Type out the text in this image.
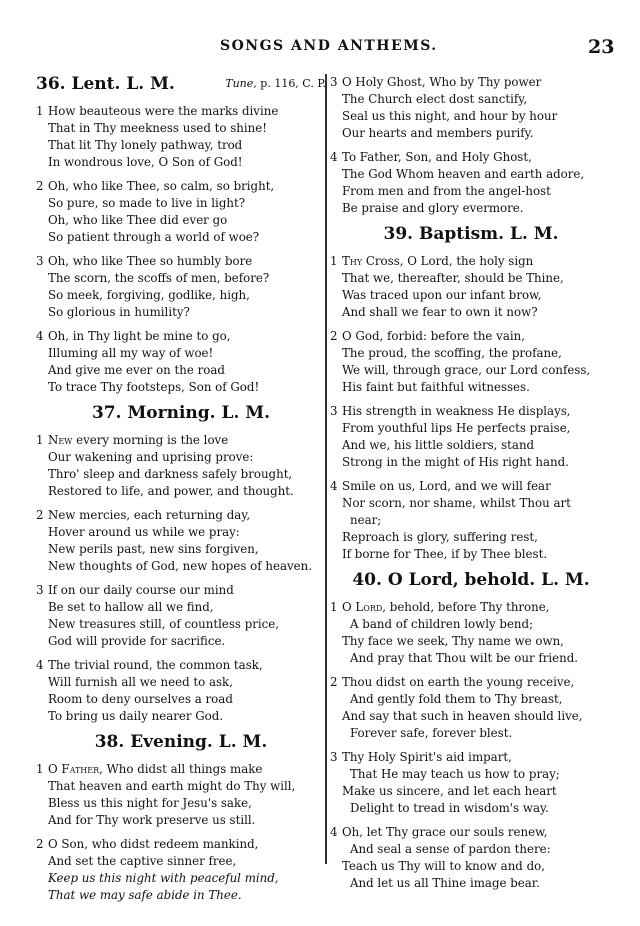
SONGS AND ANTHEMS.	23
36. Lent. L. M.	Tune, p. 116, C. P.
1 How beauteous were the marks divine
That in Thy meekness used to shine!
That lit Thy lonely pathway, trod
In wondrous love, O Son of God!
2 Oh, who like Thee, so calm, so bright,
So pure, so made to live in light?
Oh, who like Thee did ever go
So patient through a world of woe?
3 Oh, who like Thee so humbly bore
The scorn, the scoffs of men, before?
So meek, forgiving, godlike, high,
So glorious in humility?
4 Oh, in Thy light be mine to go,
Illuming all my way of woe!
And give me ever on the road
To trace Thy footsteps, Son of God!
37. Morning. L. M.
1 New every morning is the love
Our wakening and uprising prove:
Thro' sleep and darkness safely brought,
Restored to life, and power, and thought.
2 New mercies, each returning day,
Hover around us while we pray:
New perils past, new sins forgiven,
New thoughts of God, new hopes of heaven.
3 If on our daily course our mind
Be set to hallow all we find,
New treasures still, of countless price,
God will provide for sacrifice.
4 The trivial round, the common task,
Will furnish all we need to ask,
Room to deny ourselves a road
To bring us daily nearer God.
38. Evening. L. M.
1 O Father, Who didst all things make
That heaven and earth might do Thy will,
Bless us this night for Jesu's sake,
And for Thy work preserve us still.
2 O Son, who didst redeem mankind,
And set the captive sinner free,
Keep us this night with peaceful mind,
That we may safe abide in Thee.
3 O Holy Ghost, Who by Thy power
The Church elect dost sanctify,
Seal us this night, and hour by hour
Our hearts and members purify.
4 To Father, Son, and Holy Ghost,
The God Whom heaven and earth adore,
From men and from the angel-host
Be praise and glory evermore.
39. Baptism. L. M.
1 Thy Cross, O Lord, the holy sign
That we, thereafter, should be Thine,
Was traced upon our infant brow,
And shall we fear to own it now?
2 O God, forbid: before the vain,
The proud, the scoffing, the profane,
We will, through grace, our Lord confess,
His faint but faithful witnesses.
3 His strength in weakness He displays,
From youthful lips He perfects praise,
And we, his little soldiers, stand
Strong in the might of His right hand.
4 Smile on us, Lord, and we will fear
Nor scorn, nor shame, whilst Thou art
near;
Reproach is glory, suffering rest,
If borne for Thee, if by Thee blest.
40. O Lord, behold. L. M.
1 O Lord, behold, before Thy throne,
A band of children lowly bend;
Thy face we seek, Thy name we own,
And pray that Thou wilt be our friend.
2 Thou didst on earth the young receive,
And gently fold them to Thy breast,
And say that such in heaven should live,
Forever safe, forever blest.
3 Thy Holy Spirit's aid impart,
That He may teach us how to pray;
Make us sincere, and let each heart
Delight to tread in wisdom's way.
4 Oh, let Thy grace our souls renew,
And seal a sense of pardon there:
Teach us Thy will to know and do,
And let us all Thine image bear.
